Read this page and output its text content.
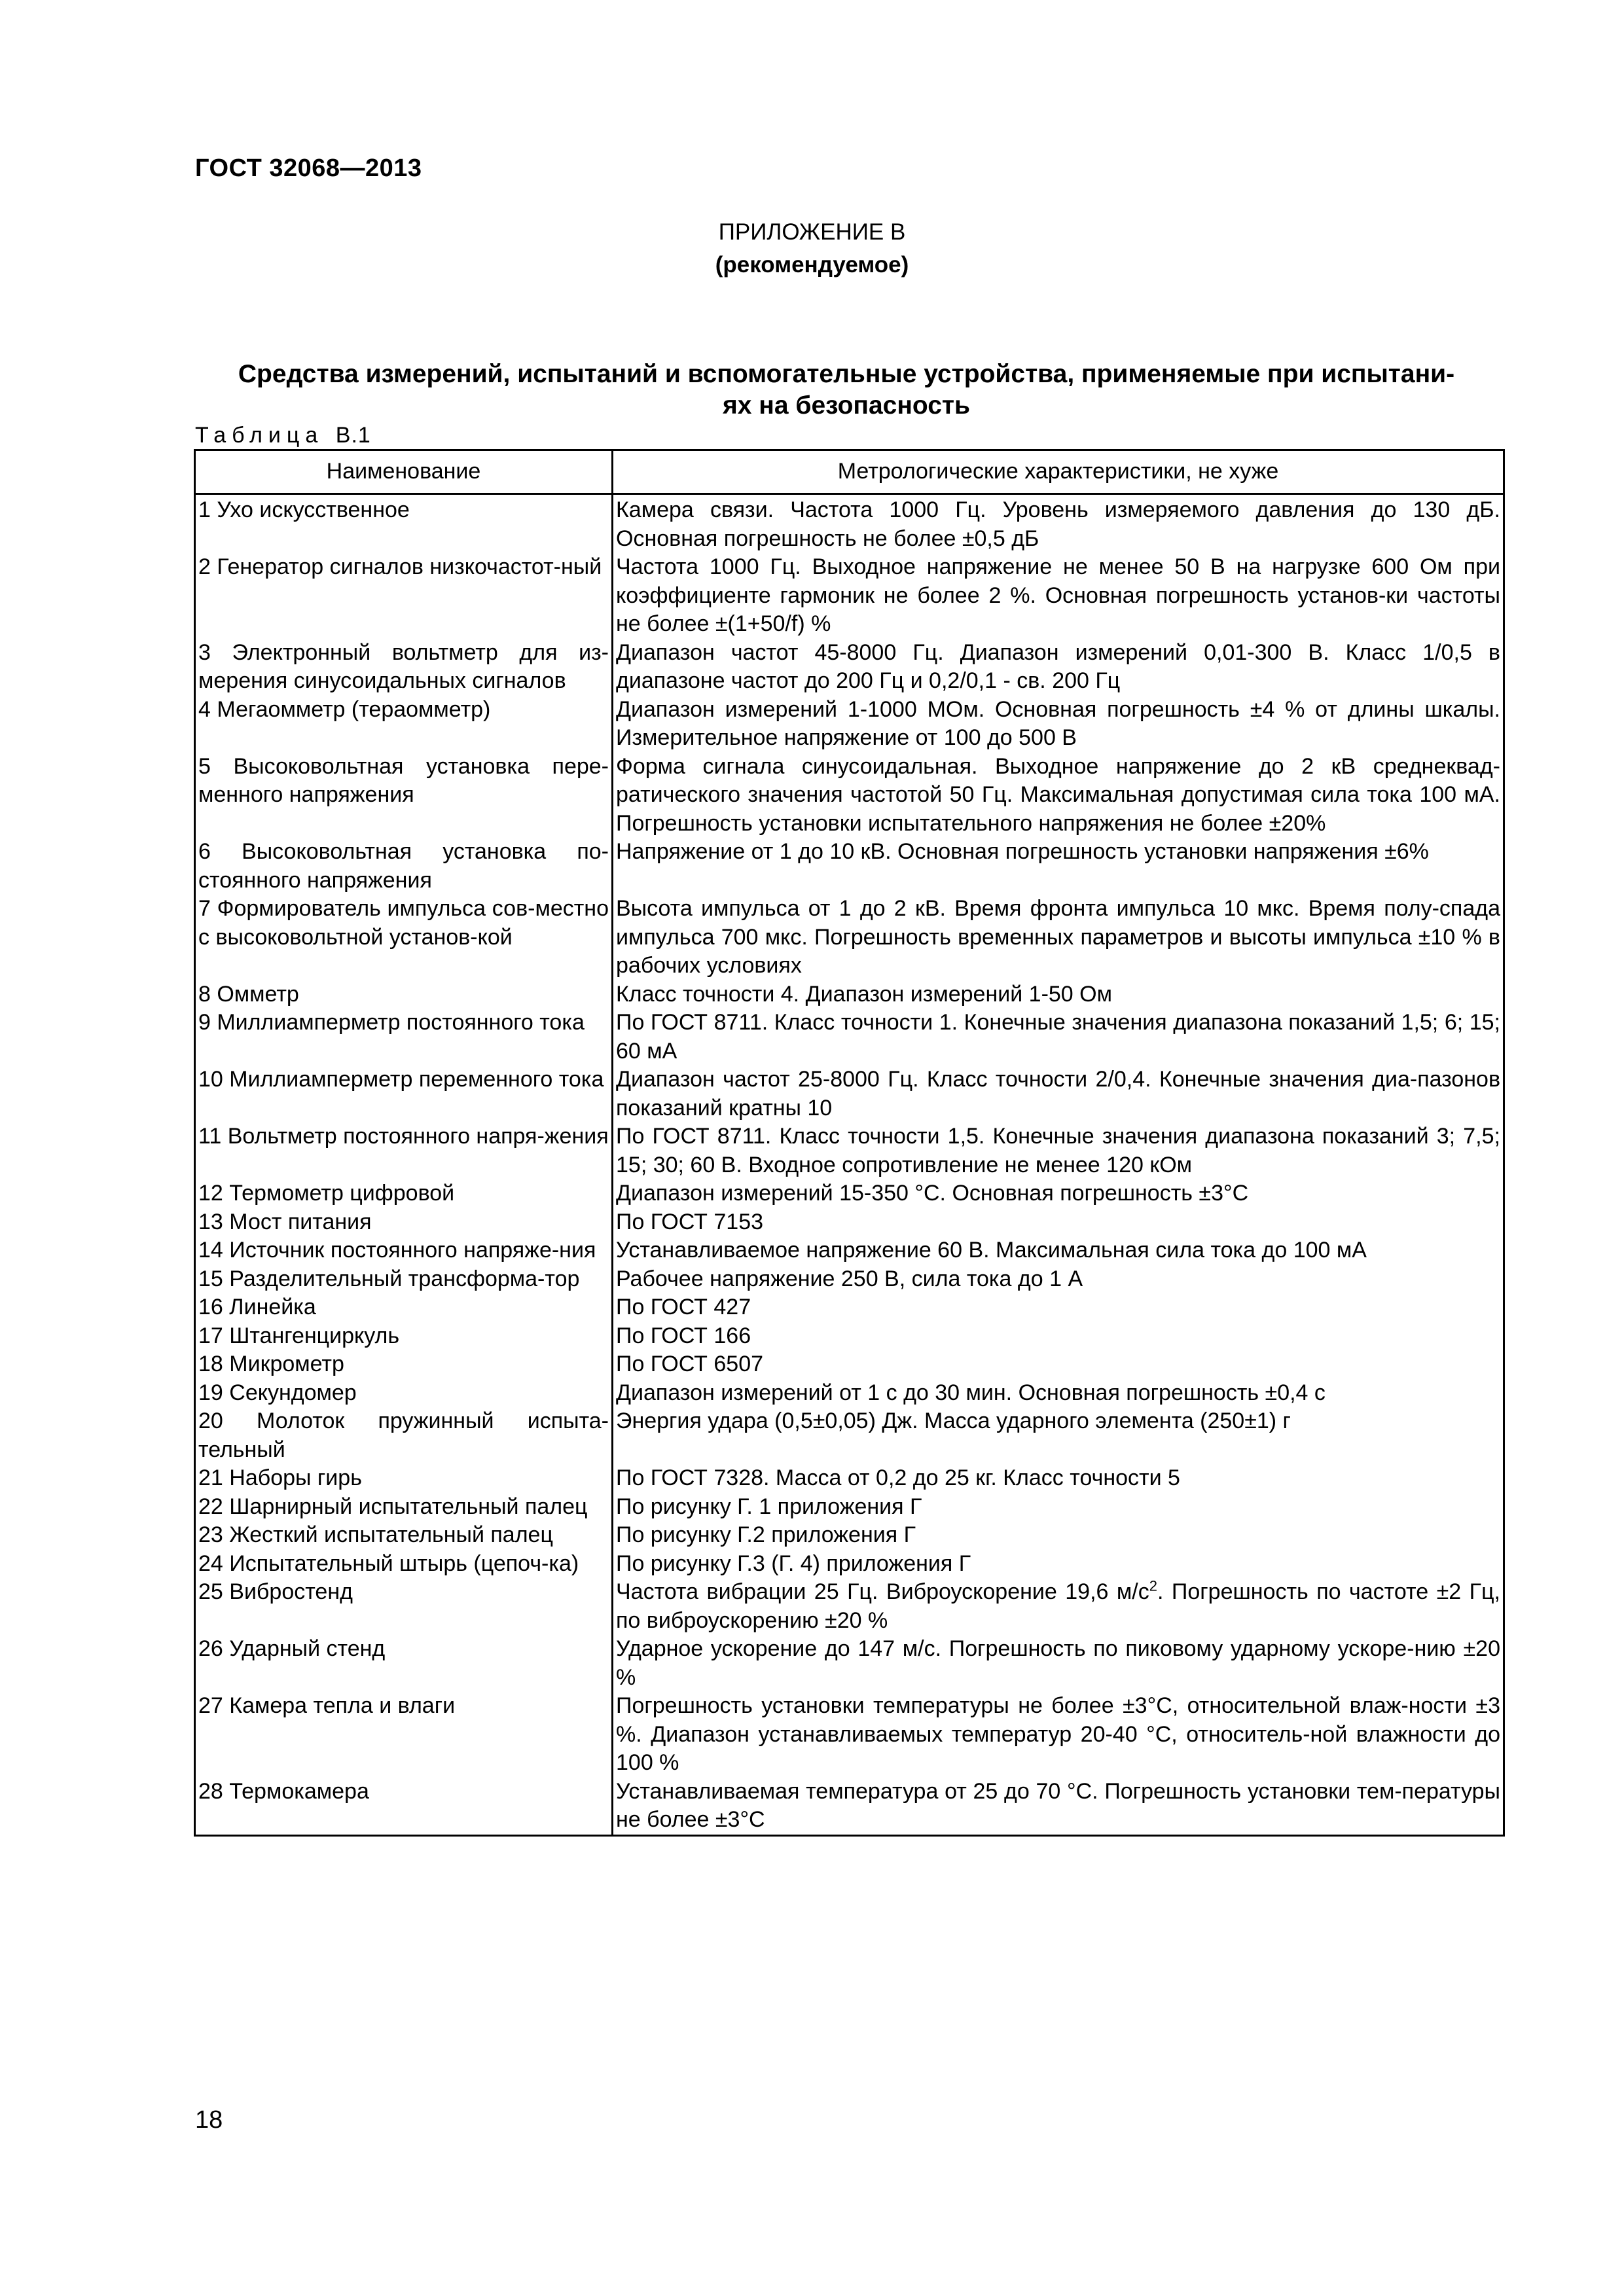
ГОСТ 32068—2013
ПРИЛОЖЕНИЕ В
(рекомендуемое)
Средства измерений, испытаний и вспомогательные устройства, применяемые при испытани-
ях на безопасность
Таблица В.1
Наименование	Метрологические характеристики, не хуже
1 Ухо искусственное	Камера связи. Частота 1000 Гц. Уровень измеряемого давления до 130 дБ. Основная погрешность не более ±0,5 дБ
2 Генератор сигналов низкочастот-ный	Частота 1000 Гц. Выходное напряжение не менее 50 В на нагрузке 600 Ом при коэффициенте гармоник не более 2 %. Основная погрешность установ-ки частоты не более ±(1+50/f) %
3 Электронный вольтметр для из-мерения синусоидальных сигналов	Диапазон частот 45-8000 Гц. Диапазон измерений 0,01-300 В. Класс 1/0,5 в диапазоне частот до 200 Гц и 0,2/0,1 - св. 200 Гц
4 Мегаомметр (тераомметр)	Диапазон измерений 1-1000 МОм. Основная погрешность ±4 % от длины шкалы. Измерительное напряжение от 100 до 500 В
5 Высоковольтная установка пере-менного напряжения	Форма сигнала синусоидальная. Выходное напряжение до 2 кВ среднеквад-ратического значения частотой 50 Гц. Максимальная допустимая сила тока 100 мА. Погрешность установки испытательного напряжения не более ±20%
6 Высоковольтная установка по-стоянного напряжения	Напряжение от 1 до 10 кВ. Основная погрешность установки напряжения ±6%
7 Формирователь импульса сов-местно с высоковольтной установ-кой	Высота импульса от 1 до 2 кВ. Время фронта импульса 10 мкс. Время полу-спада импульса 700 мкс. Погрешность временных параметров и высоты импульса ±10 % в рабочих условиях
8 Омметр	Класс точности 4. Диапазон измерений 1-50 Ом
9 Миллиамперметр постоянного тока	По ГОСТ 8711. Класс точности 1. Конечные значения диапазона показаний 1,5; 6; 15; 60 мА
10 Миллиамперметр переменного тока	Диапазон частот 25-8000 Гц. Класс точности 2/0,4. Конечные значения диа-пазонов показаний кратны 10
11 Вольтметр постоянного напря-жения	По ГОСТ 8711. Класс точности 1,5. Конечные значения диапазона показаний 3; 7,5; 15; 30; 60 В. Входное сопротивление не менее 120 кОм
12 Термометр цифровой	Диапазон измерений 15-350 °С. Основная погрешность ±3°С
13 Мост питания	По ГОСТ 7153
14 Источник постоянного напряже-ния	Устанавливаемое напряжение 60 В. Максимальная сила тока до 100 мА
15 Разделительный трансформа-тор	Рабочее напряжение 250 В, сила тока до 1 А
16 Линейка	По ГОСТ 427
17 Штангенциркуль	По ГОСТ 166
18 Микрометр	По ГОСТ 6507
19 Секундомер	Диапазон измерений от 1 с до 30 мин. Основная погрешность ±0,4 с
20 Молоток пружинный испыта-тельный	Энергия удара (0,5±0,05) Дж. Масса ударного элемента (250±1) г
21 Наборы гирь	По ГОСТ 7328. Масса от 0,2 до 25 кг. Класс точности 5
22 Шарнирный испытательный палец	По рисунку Г. 1 приложения Г
23 Жесткий испытательный палец	По рисунку Г.2 приложения Г
24 Испытательный штырь (цепоч-ка)	По рисунку Г.3 (Г. 4) приложения Г
25 Вибростенд	Частота вибрации 25 Гц. Виброускорение 19,6 $м/с^2$. Погрешность по частоте ±2 Гц, по виброускорению ±20 %
26 Ударный стенд	Ударное ускорение до 147 м/с. Погрешность по пиковому ударному ускоре-нию ±20 %
27 Камера тепла и влаги	Погрешность установки температуры не более ±3°С, относительной влаж-ности ±3 %. Диапазон устанавливаемых температур 20-40 °С, относитель-ной влажности до 100 %
28 Термокамера	Устанавливаемая температура от 25 до 70 °С. Погрешность установки тем-пературы не более ±3°С
18
